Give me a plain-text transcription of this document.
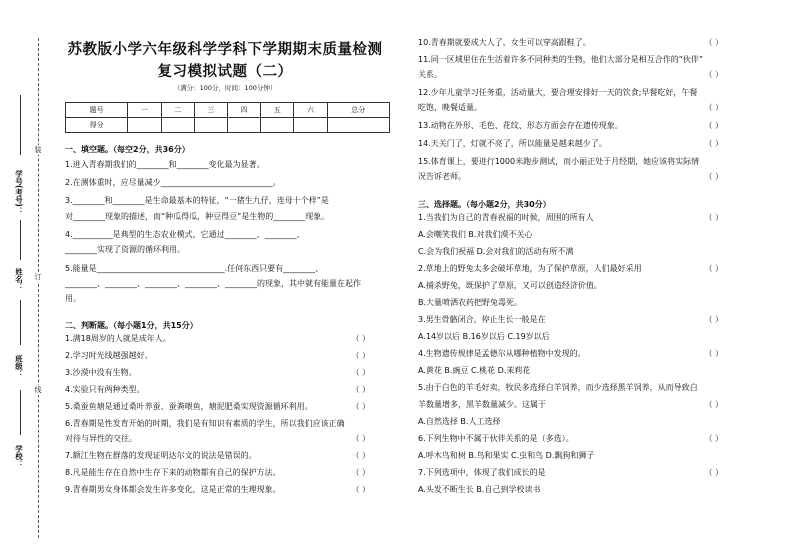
装
订
线
学号(考号)：
姓名：
班级：
学校：
苏教版小学六年级科学学科下学期期末质量检测
复习模拟试题（二）
（满分：100分，时间：100分钟）
题号	一	二	三	四	五	六	总分
得分							
一、填空题。（每空2分，共36分）
1.进入青春期我们的________和________变化最为显著。
2.在测体重时，应尽量减少____________________________。
3.________和________是生命最基本的特征，“一猪生九仔，连母十个样”是
对________现象的描述，而“种瓜得瓜，种豆得豆”是生物的________现象。
4.__________是典型的生态农业模式，它通过________、________、
________实现了资源的循环利用。
5.能量是________________________________.任何东西只要有________、
________、________、________、________、________的现象，其中就有能量在起作
用。
二、判断题。（每小题1分，共15分）
1.满18周岁的人就是成年人。	（ ）
2.学习时光线越强越好。	（ ）
3.沙漠中没有生物。	（ ）
4.实验只有两种类型。	（ ）
5.桑蚕鱼塘是通过桑叶养蚕、蚕粪喂鱼，塘泥肥桑实现资源循环利用。	（ ）
6.青春期是性发育开始的时期，我们是有知识有素质的学生，所以我们应该正确
对待与异性的交往。	（ ）
7.额江生物在群落的发现证明达尔文的说法是错误的。	（ ）
8.凡是能生存在自然中生存下来的动物都有自己的保护方法。	（ ）
9.青春期男女身体都会发生许多变化，这是正常的生理现象。	（ ）
10.青春期就要成大人了，女生可以穿高跟鞋了。	（ ）
11.同一区域里住在生活着许多不同种类的生物，他们大部分是相互合作的“伙伴”
关系。	（ ）
12.少年儿童学习任务重，活动量大，要合理安排好一天的饮食;早餐吃好，午餐
吃饱，晚餐适量。	（ ）
13.动物在外形、毛色、花纹、形态方面会存在遗传现象。	（ ）
14.天关门了，灯就不亮了，所以能量是越来越少了。	（ ）
15.体育课上，要进行1000米跑步测试，而小丽正处于月经期，她应该将实际情
况告诉老师。	（ ）
三、选择题。（每小题2分，共30分）
1.当我们为自己的青春祝福的时候，周围的所有人	（ ）
A.会嘲笑我们 B.对我们漠不关心
C.会为我们祝福 D.会对我们的活动有所不满
2.草地上的野兔太多会破坏草地，为了保护草原，人们最好采用	（ ）
A.捕杀野兔，既保护了草原，又可以创造经济价值。
B.大量喷洒农药把野兔毒死。
3.男生骨骼闭合，停止生长一般是在	（ ）
A.14岁以后 B.16岁以后 C.19岁以后
4.生物遗传规律是孟德尔从哪种植物中发现的。	（ ）
A.黄花 B.豌豆 C.桃花 D.茉莉花
5.由于白色的羊毛好卖，牧民多选择白羊饲养，而少选择黑羊饲养，从而导致白
羊数量增多，黑羊数量减少。这属于	（ ）
A.自然选择 B.人工选择
6.下列生物中不属于伙伴关系的是（多选）。	（ ）
A.呼木鸟和树 B.鸟和果实 C.虫和鸟 D.飘狗和狮子
7.下列选项中，体现了我们成长的是	（ ）
A.头发不断生长 B.自己到学校读书
